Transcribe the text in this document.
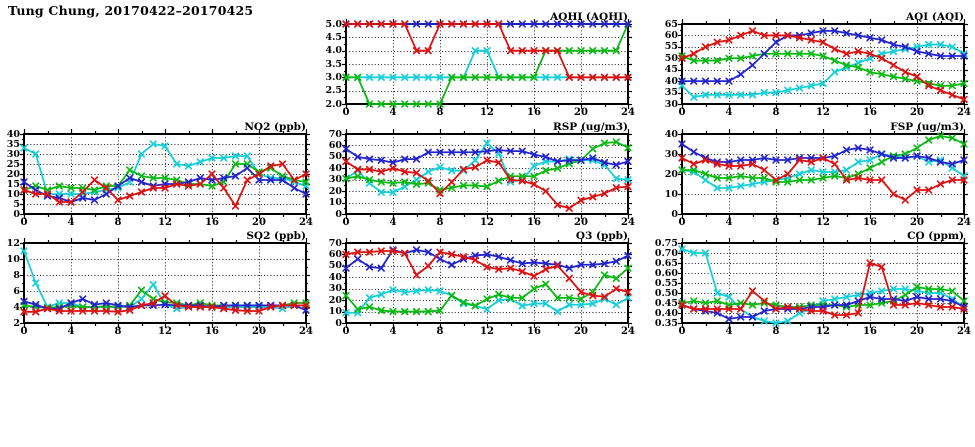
Tung Chung, 20170422–20170425
2.0
2.5
3.0
3.5
4.0
4.5
5.0
0	4	8	12	16	20	24
30
35
40
45
50
55
60
65
0	4	8	12	16	20	24
0
5
10
15
20
25
30
35
40
0	4	8	12	16	20	24
0
10
20
30
40
50
60
70
0	4	8	12	16	20	24
0
10
20
30
40
0	4	8	12	16	20	24
2
4
6
8
10
12
0	4	8	12	16	20	24
0
10
20
30
40
50
60
70
0	4	8	12	16	20	24
0.35
0.40
0.45
0.50
0.55
0.60
0.65
0.70
0.75
0	4	8	12	16	20	24
